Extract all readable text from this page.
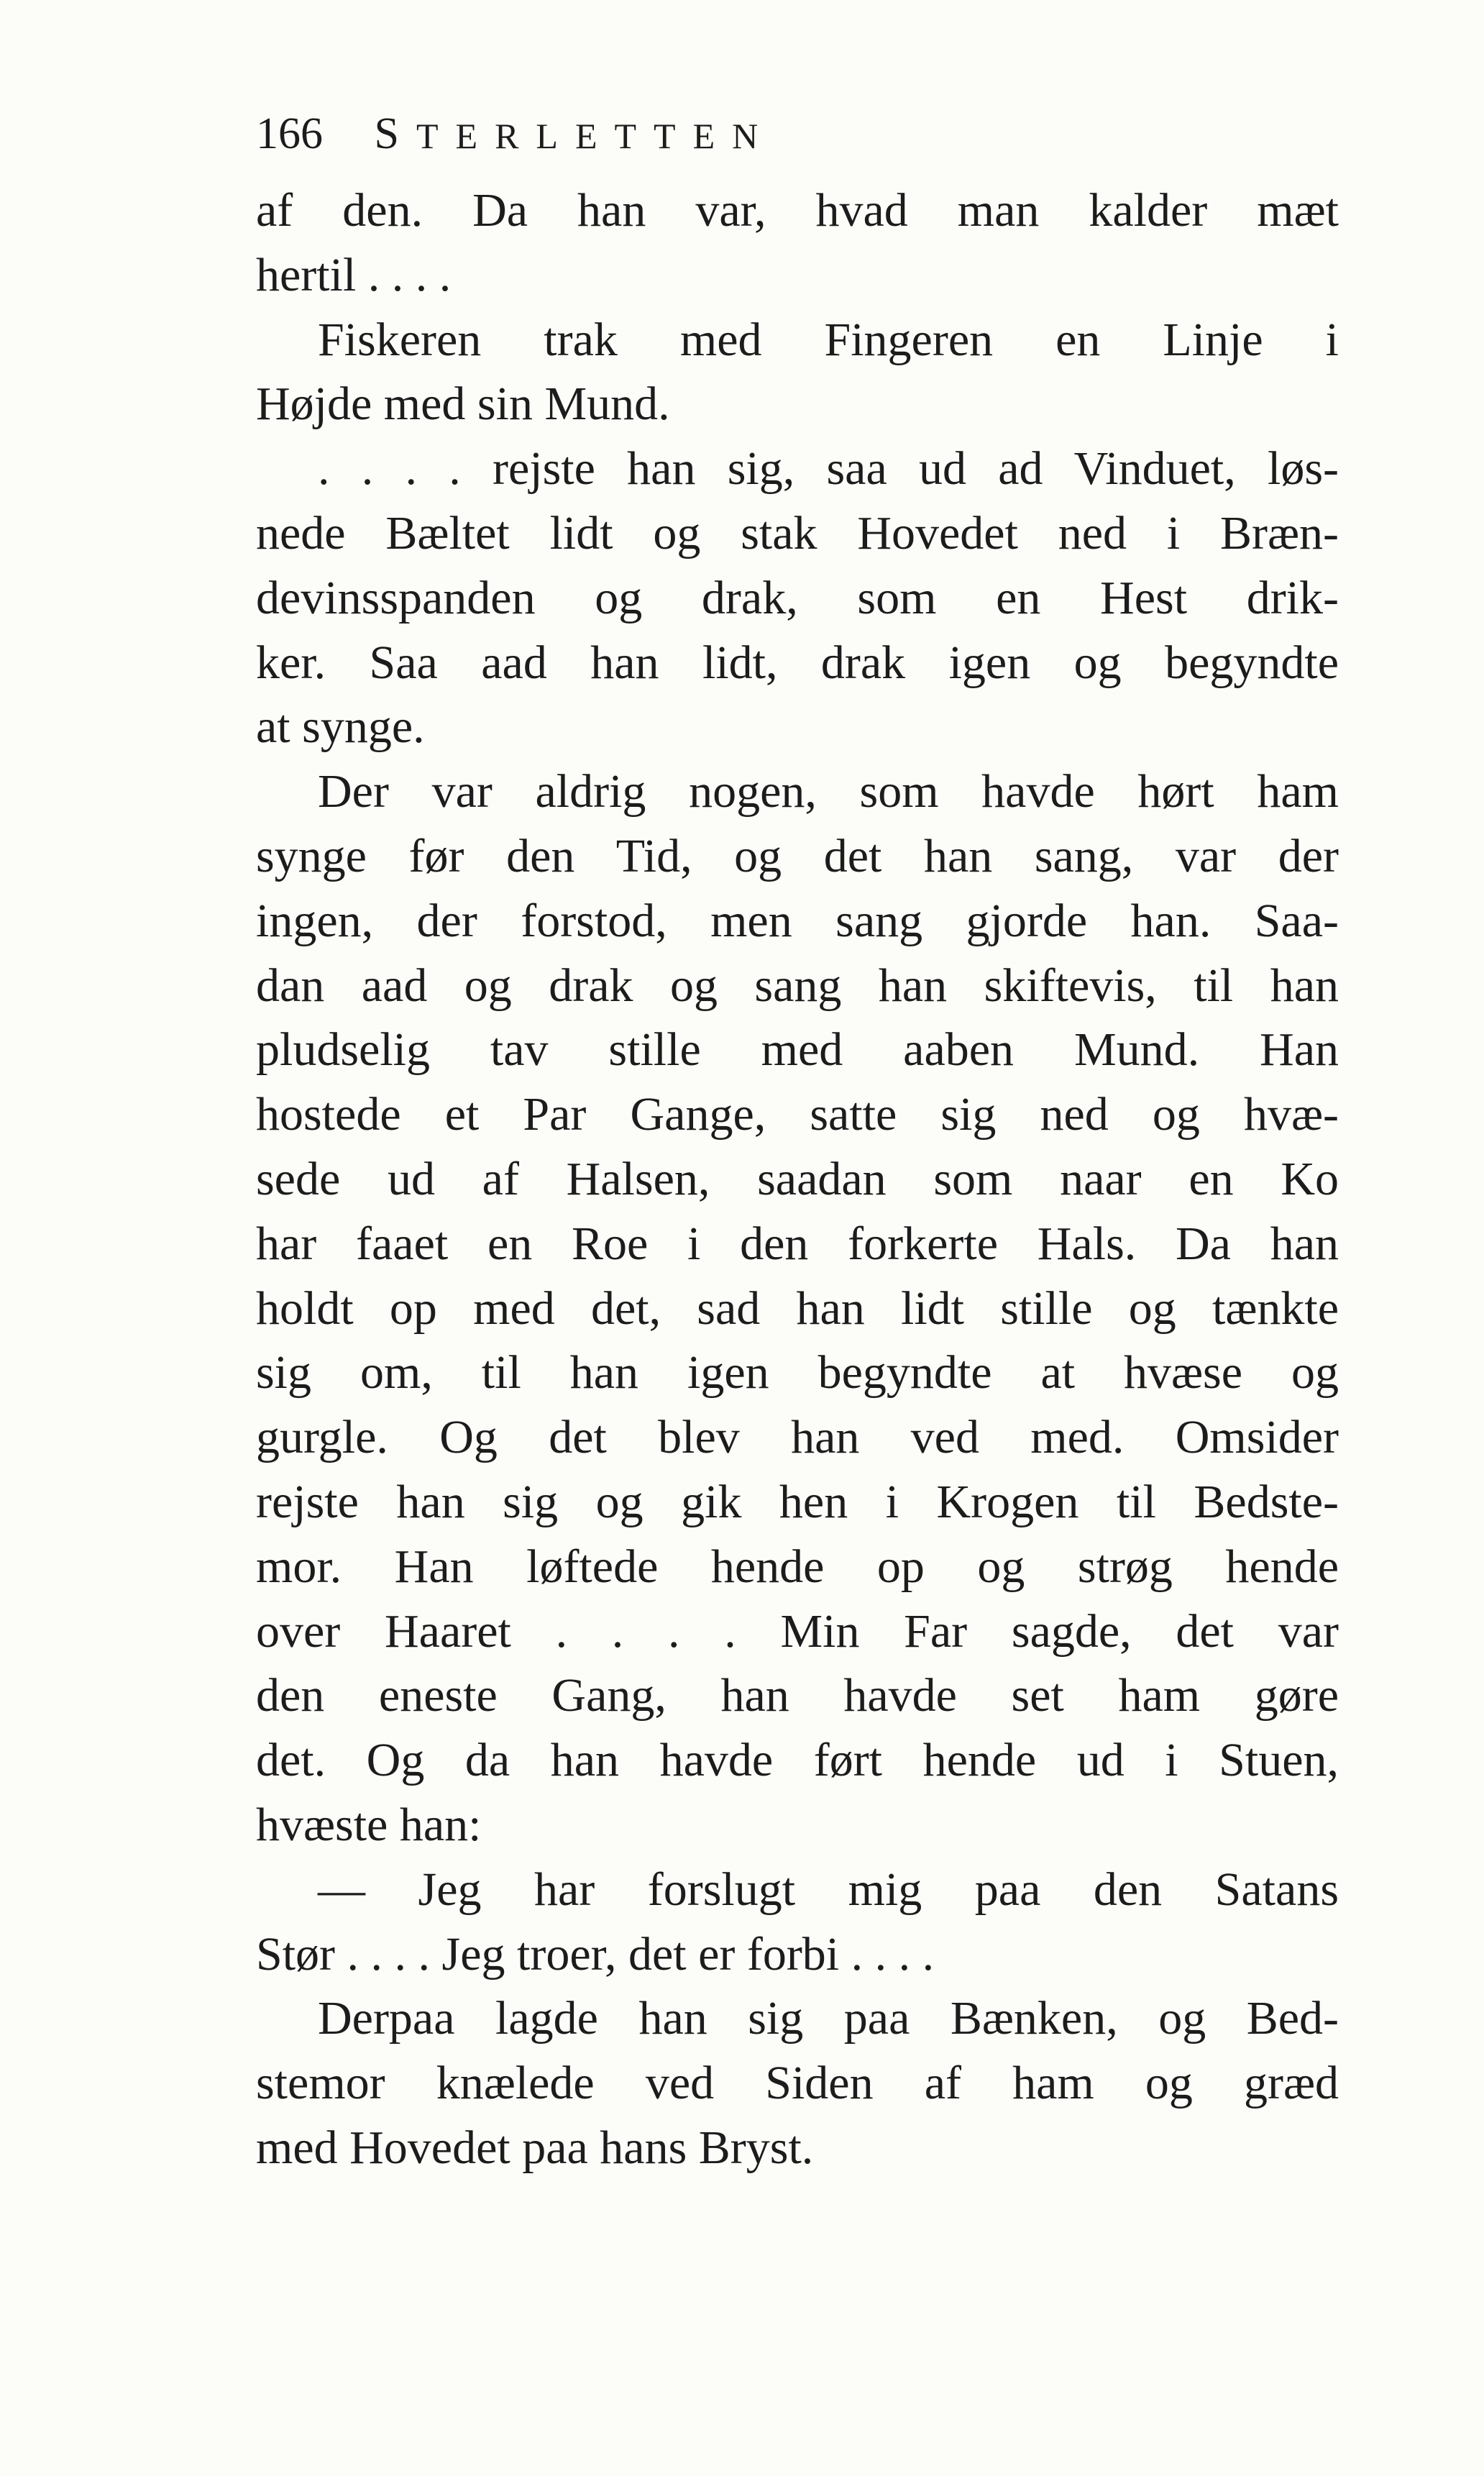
166 STERLETTEN
af den. Da han var, hvad man kalder mæt
hertil . . . .
Fiskeren trak med Fingeren en Linje i
Højde med sin Mund.
. . . . rejste han sig, saa ud ad Vinduet, løs-
nede Bæltet lidt og stak Hovedet ned i Bræn-
devinsspanden og drak, som en Hest drik-
ker. Saa aad han lidt, drak igen og begyndte
at synge.
Der var aldrig nogen, som havde hørt ham
synge før den Tid, og det han sang, var der
ingen, der forstod, men sang gjorde han. Saa-
dan aad og drak og sang han skiftevis, til han
pludselig tav stille med aaben Mund. Han
hostede et Par Gange, satte sig ned og hvæ-
sede ud af Halsen, saadan som naar en Ko
har faaet en Roe i den forkerte Hals. Da han
holdt op med det, sad han lidt stille og tænkte
sig om, til han igen begyndte at hvæse og
gurgle. Og det blev han ved med. Omsider
rejste han sig og gik hen i Krogen til Bedste-
mor. Han løftede hende op og strøg hende
over Haaret . . . . Min Far sagde, det var
den eneste Gang, han havde set ham gøre
det. Og da han havde ført hende ud i Stuen,
hvæste han:
— Jeg har forslugt mig paa den Satans
Stør . . . . Jeg troer, det er forbi . . . .
Derpaa lagde han sig paa Bænken, og Bed-
stemor knælede ved Siden af ham og græd
med Hovedet paa hans Bryst.
